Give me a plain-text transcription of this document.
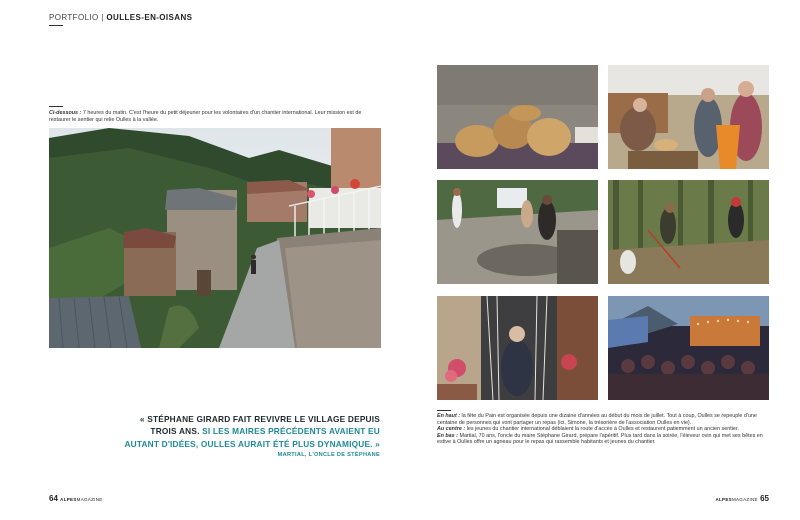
PORTFOLIO | OULLES-EN-OISANS
Ci-dessous : 7 heures du matin. C'est l'heure du petit déjeuner pour les volontaires d'un chantier international. Leur mission est de restaurer le sentier qui relie Oulles à la vallée.
« STÉPHANE GIRARD FAIT REVIVRE LE VILLAGE DEPUIS TROIS ANS. SI LES MAIRES PRÉCÉDENTS AVAIENT EU AUTANT D'IDÉES, OULLES AURAIT ÉTÉ PLUS DYNAMIQUE. »
MARTIAL, L'ONCLE DE STÉPHANE
En haut : la fête du Pain est organisée depuis une dizaine d'années au début du mois de juillet. Tout à coup, Oulles se repeuple d'une centaine de personnes qui vont partager un repas (ici, Simone, la trésorière de l'association Oulles en vie).
Au centre : les jeunes du chantier international déblaient la route d'accès à Oulles et restaurent patiemment un ancien sentier.
En bas : Martial, 70 ans, l'oncle du maire Stéphane Girard, prépare l'apéritif. Plus tard dans la soirée, l'éleveur ovin qui met ses bêtes en estive à Oulles offre un agneau pour le repas qui rassemble habitants et jeunes du chantier.
64 ALPESMAGAZINE	ALPESMAGAZINE 65
